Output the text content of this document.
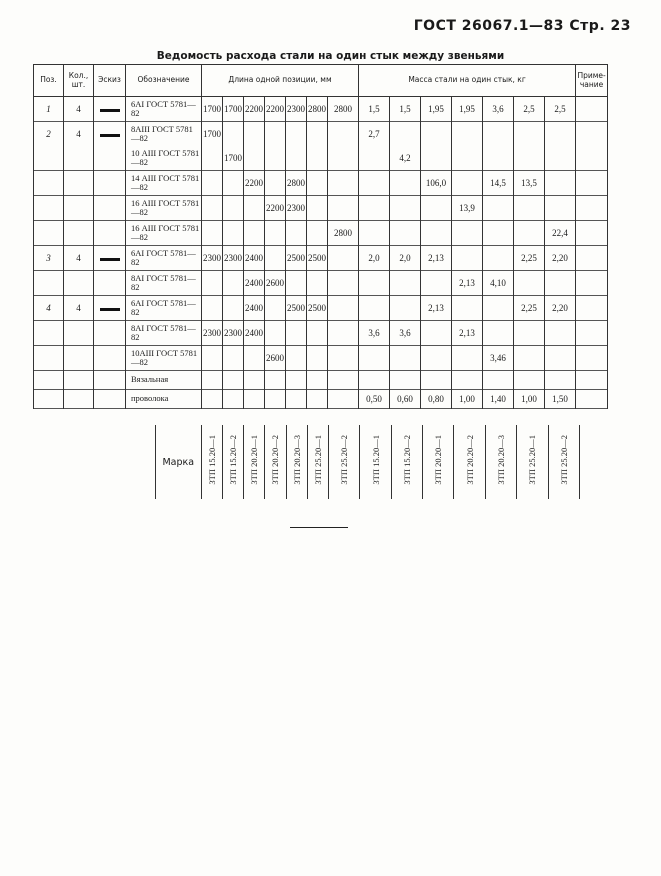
ГОСТ 26067.1—83 Стр. 23
Ведомость расхода стали на один стык между звеньями
Поз.	Кол., шт.	Эскиз	Обозначение	Длина одной позиции, мм							Масса стали на один стык, кг							Приме-чание
1	4		6АI ГОСТ 5781—82	1700	1700	2200	2200	2300	2800	2800	1,5	1,5	1,95	1,95	3,6	2,5	2,5	
2	4		8АIII ГОСТ 5781—82	1700							2,7							
			10 АIII ГОСТ 5781—82		1700							4,2						
			14 АIII ГОСТ 5781—82			2200		2800					106,0		14,5	13,5		
			16 АIII ГОСТ 5781—82				2200	2300						13,9				
			16 АIII ГОСТ 5781—82							2800							22,4	
3	4		6АI ГОСТ 5781—82	2300	2300	2400		2500	2500		2,0	2,0	2,13			2,25	2,20	
			8АI ГОСТ 5781—82			2400	2600							2,13	4,10			
4	4		6АI ГОСТ 5781—82			2400		2500	2500				2,13			2,25	2,20	
			8АI ГОСТ 5781—82	2300	2300	2400					3,6	3,6		2,13				
			10АIII ГОСТ 5781—82				2600								3,46			
			Вязальная															
			проволока								0,50	0,60	0,80	1,00	1,40	1,00	1,50	
Марка	3ТП 15.20—1	3ТП 15.20—2	3ТП 20.20—1	3ТП 20.20—2	3ТП 20.20—3	3ТП 25.20—1	3ТП 25.20—2	3ТП 15.20—1	3ТП 15.20—2	3ТП 20.20—1	3ТП 20.20—2	3ТП 20.20—3	3ТП 25.20—1	3ТП 25.20—2
